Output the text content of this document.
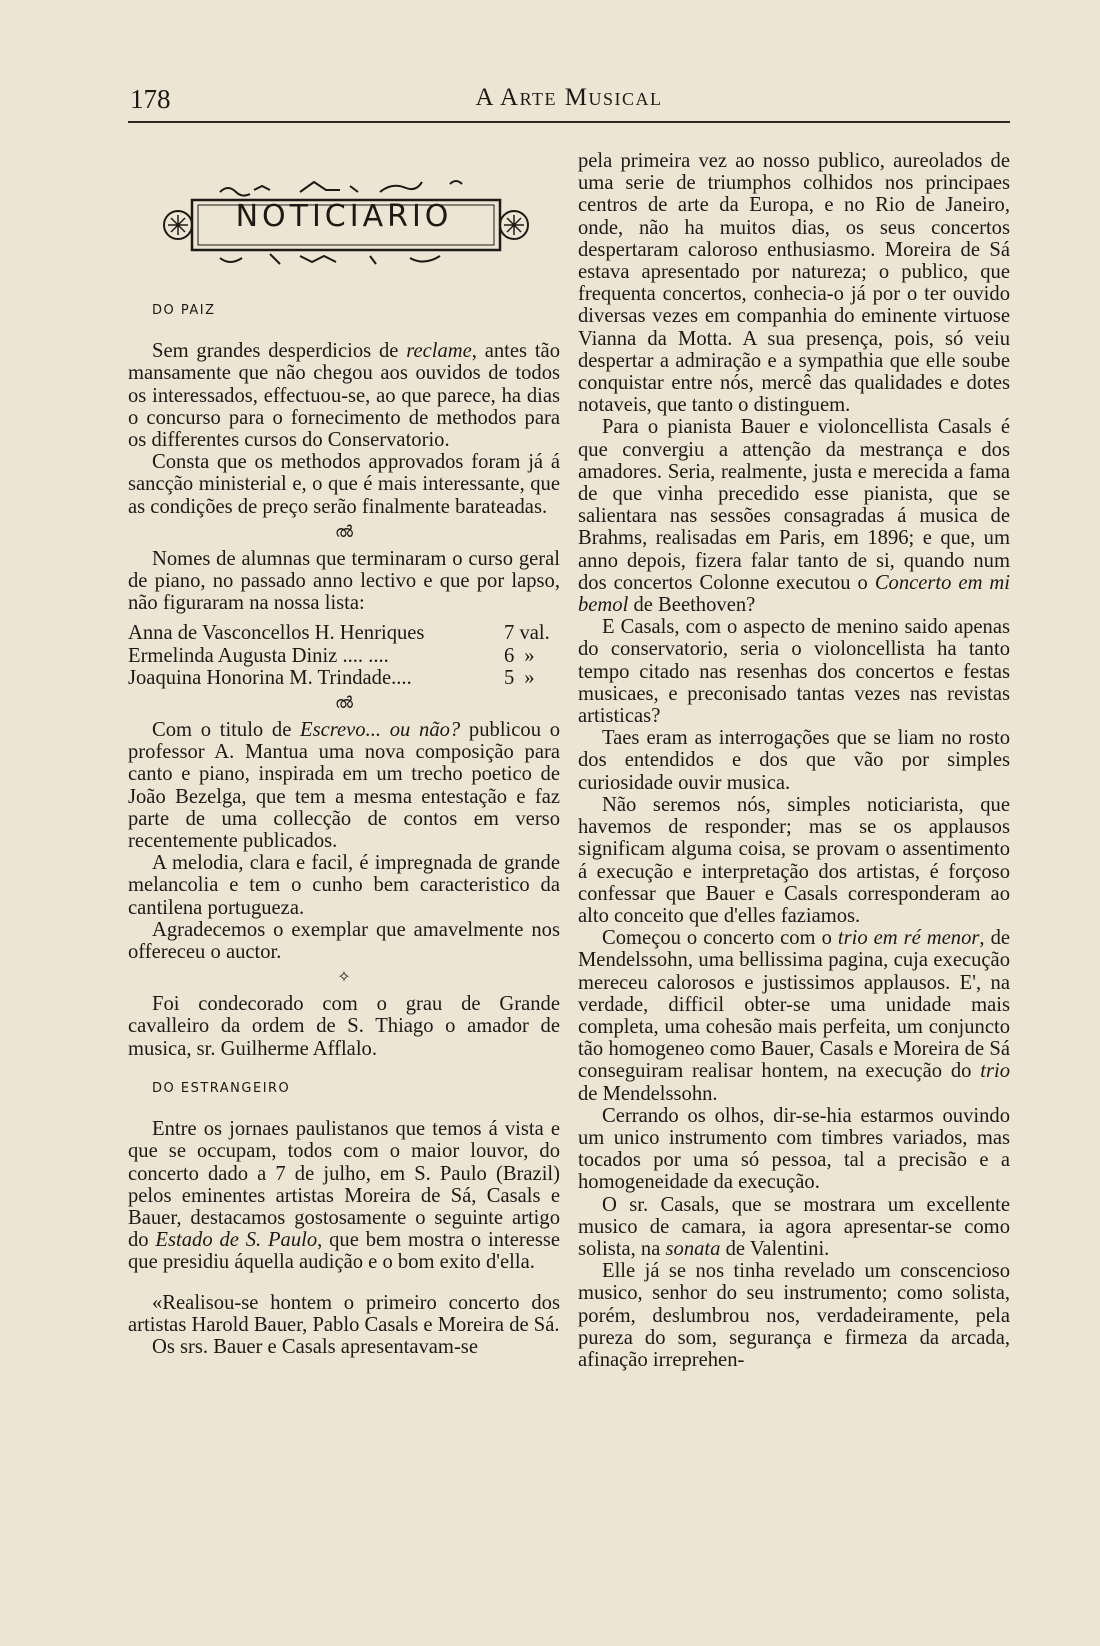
178	A Arte Musical
NOTICIARIO

DO PAIZ

Sem grandes desperdicios de reclame, antes tão mansamente que não chegou aos ouvidos de todos os interessados, effectuou-se, ao que parece, ha dias o concurso para o fornecimento de methodos para os differentes cursos do Conservatorio.

Consta que os methodos approvados foram já á sancção ministerial e, o que é mais interessante, que as condições de preço serão finalmente barateadas.

ൽ

Nomes de alumnas que terminaram o curso geral de piano, no passado anno lectivo e que por lapso, não figuraram na nossa lista:

Anna de Vasconcellos H. Henriques	7 val.
Ermelinda Augusta Diniz .... ....	6 »
Joaquina Honorina M. Trindade....	5 »
ൽ

Com o titulo de Escrevo... ou não? publicou o professor A. Mantua uma nova composição para canto e piano, inspirada em um trecho poetico de João Bezelga, que tem a mesma entestação e faz parte de uma collecção de contos em verso recentemente publicados.

A melodia, clara e facil, é impregnada de grande melancolia e tem o cunho bem caracteristico da cantilena portugueza.

Agradecemos o exemplar que amavelmente nos offereceu o auctor.

✧

Foi condecorado com o grau de Grande cavalleiro da ordem de S. Thiago o amador de musica, sr. Guilherme Afflalo.

DO ESTRANGEIRO

Entre os jornaes paulistanos que temos á vista e que se occupam, todos com o maior louvor, do concerto dado a 7 de julho, em S. Paulo (Brazil) pelos eminentes artistas Moreira de Sá, Casals e Bauer, destacamos gostosamente o seguinte artigo do Estado de S. Paulo, que bem mostra o interesse que presidiu áquella audição e o bom exito d'ella.

«Realisou-se hontem o primeiro concerto dos artistas Harold Bauer, Pablo Casals e Moreira de Sá.

Os srs. Bauer e Casals apresentavam-se

pela primeira vez ao nosso publico, aureolados de uma serie de triumphos colhidos nos principaes centros de arte da Europa, e no Rio de Janeiro, onde, não ha muitos dias, os seus concertos despertaram caloroso enthusiasmo. Moreira de Sá estava apresentado por natureza; o publico, que frequenta concertos, conhecia-o já por o ter ouvido diversas vezes em companhia do eminente virtuose Vianna da Motta. A sua presença, pois, só veiu despertar a admiração e a sympathia que elle soube conquistar entre nós, mercê das qualidades e dotes notaveis, que tanto o distinguem.

Para o pianista Bauer e violoncellista Casals é que convergiu a attenção da mestrança e dos amadores. Seria, realmente, justa e merecida a fama de que vinha precedido esse pianista, que se salientara nas sessões consagradas á musica de Brahms, realisadas em Paris, em 1896; e que, um anno depois, fizera falar tanto de si, quando num dos concertos Colonne executou o Concerto em mi bemol de Beethoven?

E Casals, com o aspecto de menino saido apenas do conservatorio, seria o violoncellista ha tanto tempo citado nas resenhas dos concertos e festas musicaes, e preconisado tantas vezes nas revistas artisticas?

Taes eram as interrogações que se liam no rosto dos entendidos e dos que vão por simples curiosidade ouvir musica.

Não seremos nós, simples noticiarista, que havemos de responder; mas se os applausos significam alguma coisa, se provam o assentimento á execução e interpretação dos artistas, é forçoso confessar que Bauer e Casals corresponderam ao alto conceito que d'elles faziamos.

Começou o concerto com o trio em ré menor, de Mendelssohn, uma bellissima pagina, cuja execução mereceu calorosos e justissimos applausos. E', na verdade, difficil obter-se uma unidade mais completa, uma cohesão mais perfeita, um conjuncto tão homogeneo como Bauer, Casals e Moreira de Sá conseguiram realisar hontem, na execução do trio de Mendelssohn.

Cerrando os olhos, dir-se-hia estarmos ouvindo um unico instrumento com timbres variados, mas tocados por uma só pessoa, tal a precisão e a homogeneidade da execução.

O sr. Casals, que se mostrara um excellente musico de camara, ia agora apresentar-se como solista, na sonata de Valentini.

Elle já se nos tinha revelado um conscencioso musico, senhor do seu instrumento; como solista, porém, deslumbrou nos, verdadeiramente, pela pureza do som, segurança e firmeza da arcada, afinação irreprehen-
